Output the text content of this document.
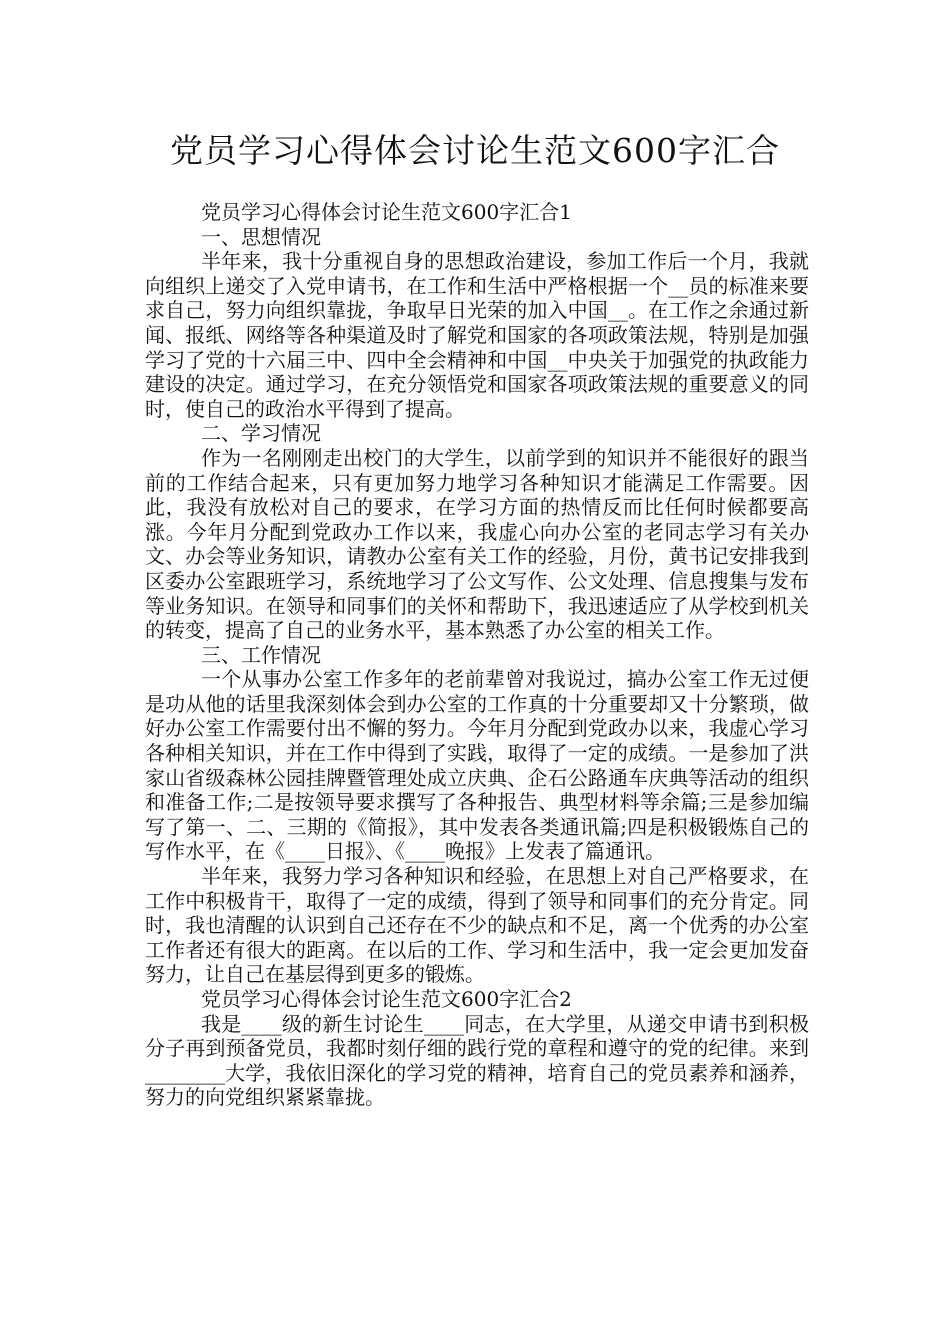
党员学习心得体会讨论生范文600字汇合

党员学习心得体会讨论生范文600字汇合1

一、思想情况

半年来，我十分重视自身的思想政治建设，参加工作后一个月，我就向组织上递交了入党申请书，在工作和生活中严格根据一个__员的标准来要求自己，努力向组织靠拢，争取早日光荣的加入中国__。在工作之余通过新闻、报纸、网络等各种渠道及时了解党和国家的各项政策法规，特别是加强学习了党的十六届三中、四中全会精神和中国__中央关于加强党的执政能力建设的决定。通过学习，在充分领悟党和国家各项政策法规的重要意义的同时，使自己的政治水平得到了提高。

二、学习情况

作为一名刚刚走出校门的大学生，以前学到的知识并不能很好的跟当前的工作结合起来，只有更加努力地学习各种知识才能满足工作需要。因此，我没有放松对自己的要求，在学习方面的热情反而比任何时候都要高涨。今年月分配到党政办工作以来，我虚心向办公室的老同志学习有关办文、办会等业务知识，请教办公室有关工作的经验，月份，黄书记安排我到区委办公室跟班学习，系统地学习了公文写作、公文处理、信息搜集与发布等业务知识。在领导和同事们的关怀和帮助下，我迅速适应了从学校到机关的转变，提高了自己的业务水平，基本熟悉了办公室的相关工作。

三、工作情况

一个从事办公室工作多年的老前辈曾对我说过，搞办公室工作无过便是功从他的话里我深刻体会到办公室的工作真的十分重要却又十分繁琐，做好办公室工作需要付出不懈的努力。今年月分配到党政办以来，我虚心学习各种相关知识，并在工作中得到了实践，取得了一定的成绩。一是参加了洪家山省级森林公园挂牌暨管理处成立庆典、企石公路通车庆典等活动的组织和准备工作;二是按领导要求撰写了各种报告、典型材料等余篇;三是参加编写了第一、二、三期的《简报》，其中发表各类通讯篇;四是积极锻炼自己的写作水平，在《____日报》、《____晚报》上发表了篇通讯。

半年来，我努力学习各种知识和经验，在思想上对自己严格要求，在工作中积极肯干，取得了一定的成绩，得到了领导和同事们的充分肯定。同时，我也清醒的认识到自己还存在不少的缺点和不足，离一个优秀的办公室工作者还有很大的距离。在以后的工作、学习和生活中，我一定会更加发奋努力，让自己在基层得到更多的锻炼。

党员学习心得体会讨论生范文600字汇合2

我是____级的新生讨论生____同志，在大学里，从递交申请书到积极分子再到预备党员，我都时刻仔细的践行党的章程和遵守的党的纪律。来到________大学，我依旧深化的学习党的精神，培育自己的党员素养和涵养，努力的向党组织紧紧靠拢。
